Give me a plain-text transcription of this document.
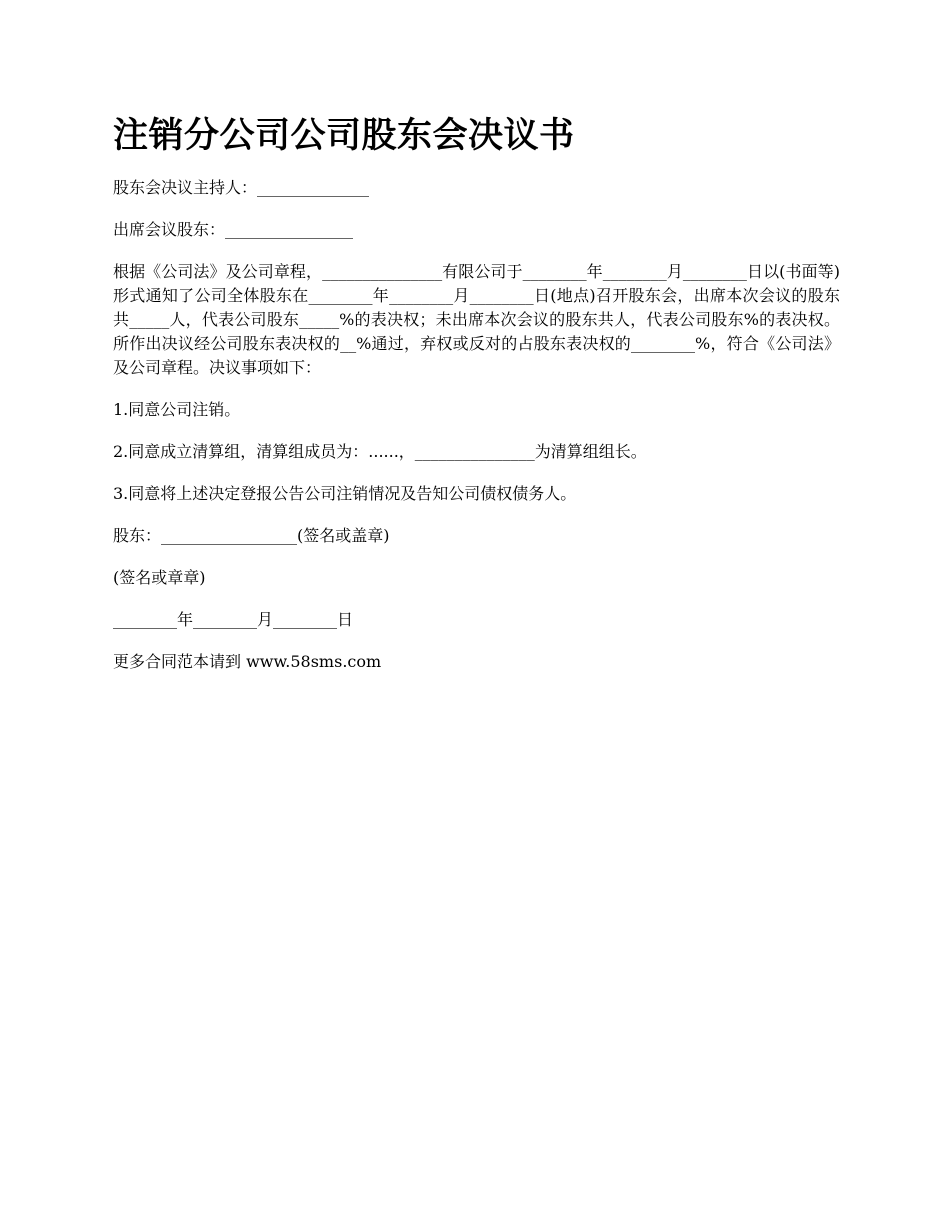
注销分公司公司股东会决议书

股东会决议主持人：______________

出席会议股东：________________

根据《公司法》及公司章程，_______________有限公司于________年________月________日以(书面等)形式通知了公司全体股东在________年________月________日(地点)召开股东会，出席本次会议的股东共_____人，代表公司股东_____%的表决权；未出席本次会议的股东共人，代表公司股东%的表决权。所作出决议经公司股东表决权的__%通过，弃权或反对的占股东表决权的________%，符合《公司法》及公司章程。决议事项如下：

1.同意公司注销。

2.同意成立清算组，清算组成员为：......，_______________为清算组组长。

3.同意将上述决定登报公告公司注销情况及告知公司债权债务人。

股东：_________________(签名或盖章)

(签名或章章)

________年________月________日

更多合同范本请到 www.58sms.com
